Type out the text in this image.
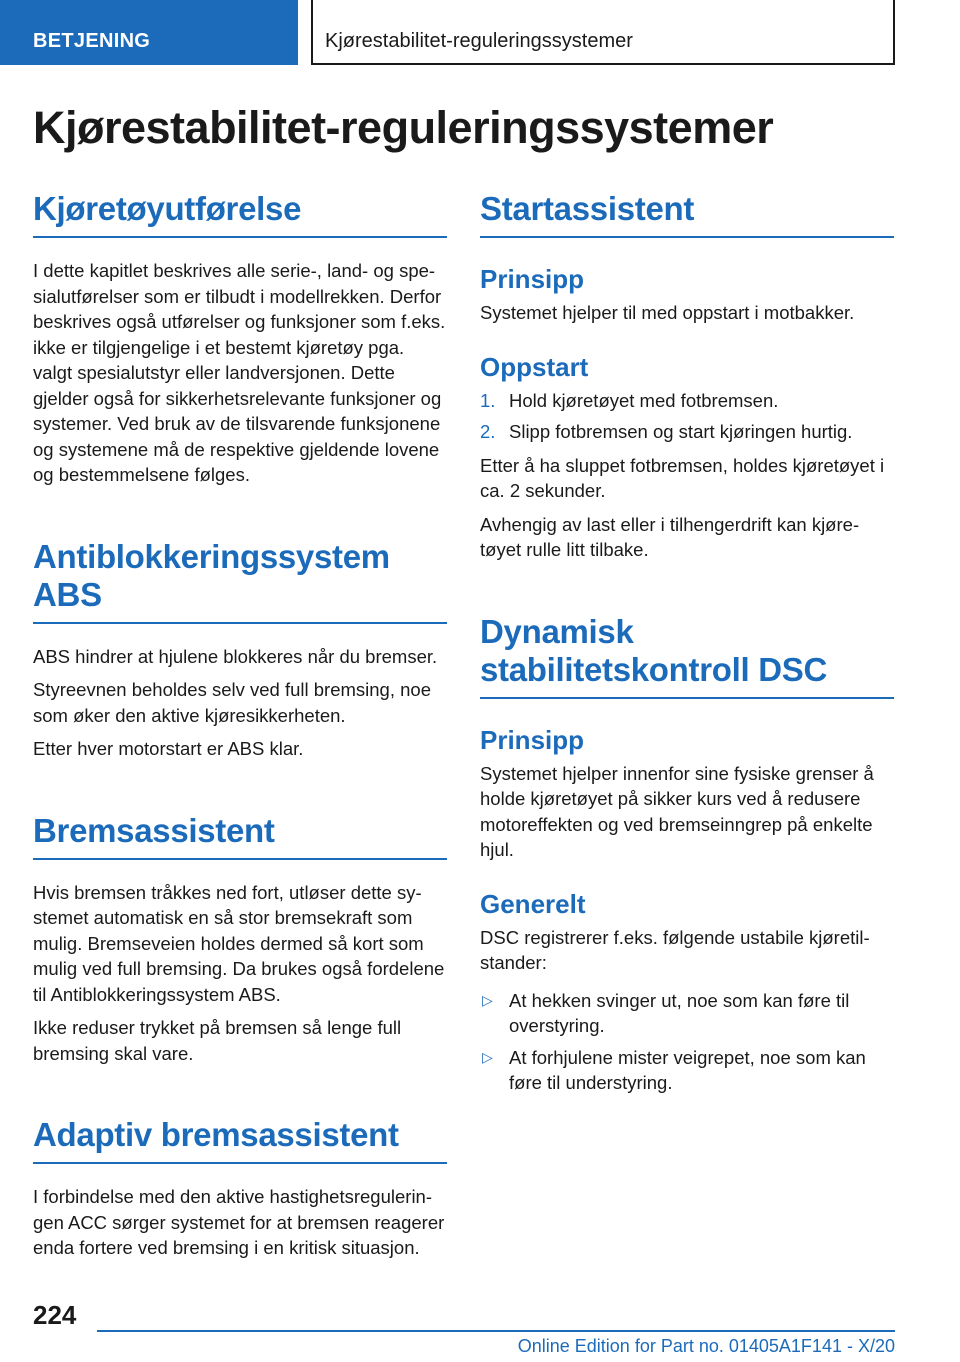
BETJENING	Kjørestabilitet-reguleringssystemer
Kjørestabilitet-reguleringssystemer
Kjøretøyutførelse

I dette kapitlet beskrives alle serie-, land- og spesialutførelser som er tilbudt i modellrekken. Derfor beskrives også utførelser og funksjoner som f.eks. ikke er tilgjengelige i et bestemt kjøretøy pga. valgt spesialutstyr eller landversjonen. Dette gjelder også for sikkerhetsrelevante funksjoner og systemer. Ved bruk av de tilsvarende funksjonene og systemene må de respektive gjeldende lovene og bestemmelsene følges.

Antiblokkeringssystem ABS

ABS hindrer at hjulene blokkeres når du bremser.

Styreevnen beholdes selv ved full bremsing, noe som øker den aktive kjøresikkerheten.

Etter hver motorstart er ABS klar.

Bremsassistent

Hvis bremsen tråkkes ned fort, utløser dette systemet automatisk en så stor bremsekraft som mulig. Bremseveien holdes dermed så kort som mulig ved full bremsing. Da brukes også fordelene til Antiblokkeringssystem ABS.

Ikke reduser trykket på bremsen så lenge full bremsing skal vare.

Adaptiv bremsassistent

I forbindelse med den aktive hastighetsreguleringen ACC sørger systemet for at bremsen reagerer enda fortere ved bremsing i en kritisk situasjon.

Startassistent
Prinsipp

Systemet hjelper til med oppstart i motbakker.

Oppstart
1. Hold kjøretøyet med fotbremsen.
2. Slipp fotbremsen og start kjøringen hurtig.

Etter å ha sluppet fotbremsen, holdes kjøretøyet i ca. 2 sekunder.

Avhengig av last eller i tilhengerdrift kan kjøretøyet rulle litt tilbake.

Dynamisk stabilitetskontroll DSC
Prinsipp

Systemet hjelper innenfor sine fysiske grenser å holde kjøretøyet på sikker kurs ved å redusere motoreffekten og ved bremseinngrep på enkelte hjul.

Generelt

DSC registrerer f.eks. følgende ustabile kjøretilstander:

▷ At hekken svinger ut, noe som kan føre til overstyring.
▷ At forhjulene mister veigrepet, noe som kan føre til understyring.
224
Online Edition for Part no. 01405A1F141 - X/20
